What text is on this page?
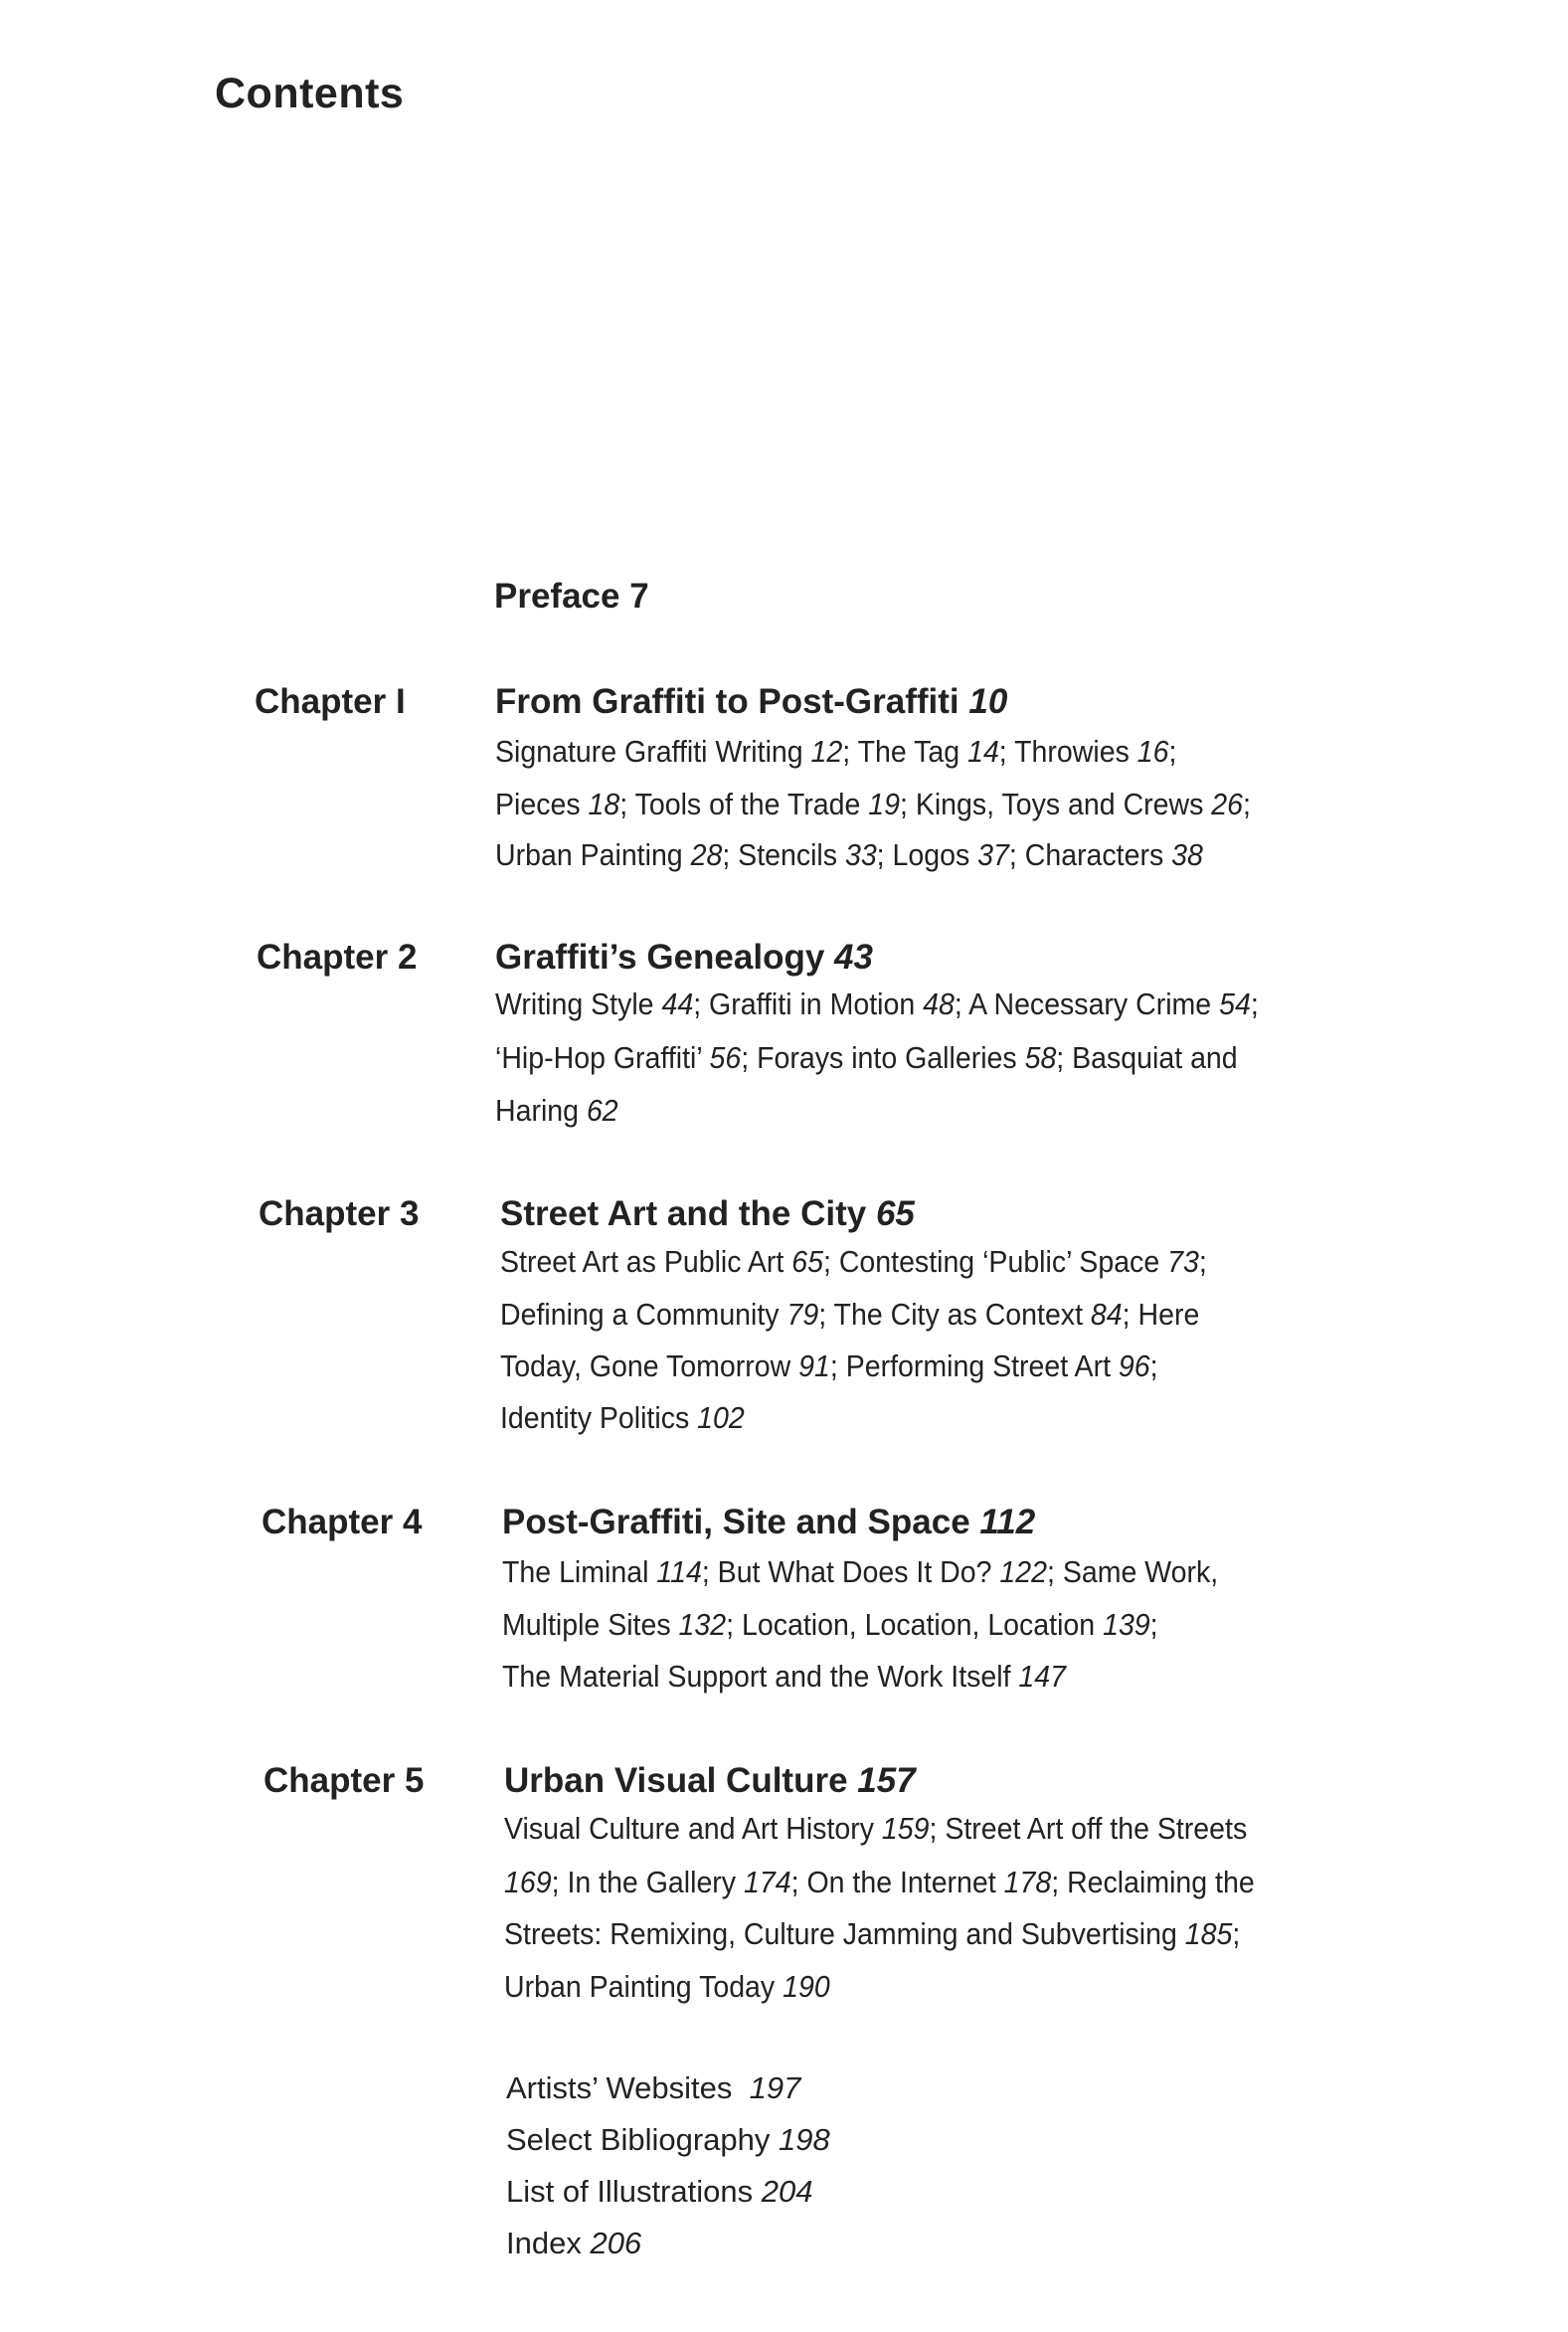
Contents
Preface 7
Chapter I	From Graffiti to Post-Graffiti 10
Signature Graffiti Writing 12; The Tag 14; Throwies 16;
Pieces 18; Tools of the Trade 19; Kings, Toys and Crews 26;
Urban Painting 28; Stencils 33; Logos 37; Characters 38
Chapter 2 Graffiti’s Genealogy 43
Writing Style 44; Graffiti in Motion 48; A Necessary Crime 54;
‘Hip-Hop Graffiti’ 56; Forays into Galleries 58; Basquiat and
Haring 62
Chapter 3 Street Art and the City 65
Street Art as Public Art 65; Contesting ‘Public’ Space 73;
Defining a Community 79; The City as Context 84; Here
Today, Gone Tomorrow 91; Performing Street Art 96;
Identity Politics 102
Chapter 4 Post-Graffiti, Site and Space 112
The Liminal 114; But What Does It Do? 122; Same Work,
Multiple Sites 132; Location, Location, Location 139;
The Material Support and the Work Itself 147
Chapter 5 Urban Visual Culture 157
Visual Culture and Art History 159; Street Art off the Streets
169; In the Gallery 174; On the Internet 178; Reclaiming the
Streets: Remixing, Culture Jamming and Subvertising 185;
Urban Painting Today 190
Artists’ Websites  197
Select Bibliography 198
List of Illustrations 204
Index 206
